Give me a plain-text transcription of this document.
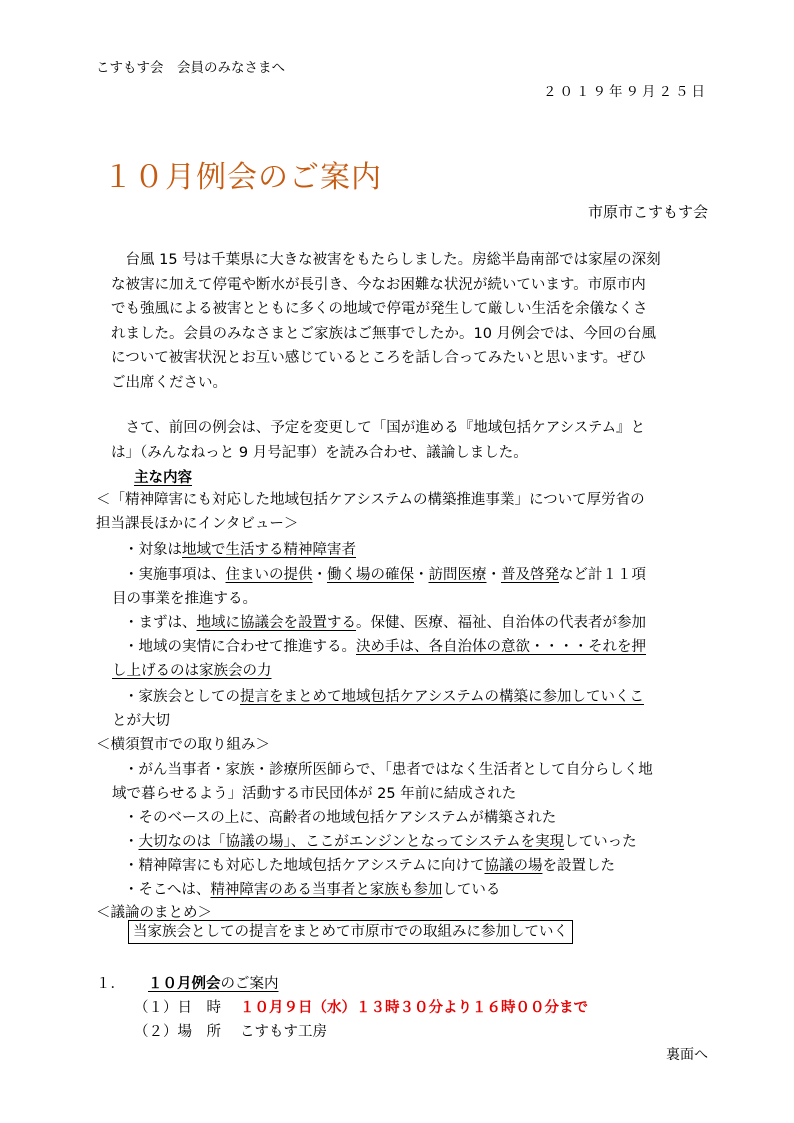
こすもす会　会員のみなさまへ
２０１９年９月２５日
１０月例会のご案内
市原市こすもす会

台風 15 号は千葉県に大きな被害をもたらしました。房総半島南部では家屋の深刻

な被害に加えて停電や断水が長引き、今なお困難な状況が続いています。市原市内

でも強風による被害とともに多くの地域で停電が発生して厳しい生活を余儀なくさ

れました。会員のみなさまとご家族はご無事でしたか。10 月例会では、今回の台風

について被害状況とお互い感じているところを話し合ってみたいと思います。ぜひ

ご出席ください。

さて、前回の例会は、予定を変更して「国が進める『地域包括ケアシステム』と

は」（みんなねっと 9 月号記事）を読み合わせ、議論しました。

主な内容
＜「精神障害にも対応した地域包括ケアシステムの構築推進事業」について厚労省の
担当課長ほかにインタビュー＞
・対象は地域で生活する精神障害者
・実施事項は、住まいの提供・働く場の確保・訪問医療・普及啓発など計１１項
目の事業を推進する。
・まずは、地域に協議会を設置する。保健、医療、福祉、自治体の代表者が参加
・地域の実情に合わせて推進する。決め手は、各自治体の意欲・・・・それを押
し上げるのは家族会の力
・家族会としての提言をまとめて地域包括ケアシステムの構築に参加していくこ
とが大切
＜横須賀市での取り組み＞
・がん当事者・家族・診療所医師らで、「患者ではなく生活者として自分らしく地
域で暮らせるよう」活動する市民団体が 25 年前に結成された
・そのベースの上に、高齢者の地域包括ケアシステムが構築された
・大切なのは「協議の場」、ここがエンジンとなってシステムを実現していった
・精神障害にも対応した地域包括ケアシステムに向けて協議の場を設置した
・そこへは、精神障害のある当事者と家族も参加している
＜議論のまとめ＞
当家族会としての提言をまとめて市原市での取組みに参加していく
１． １０月例会のご案内
（１）日　時 １０月９日（水）１３時３０分より１６時００分まで
（２）場　所 こすもす工房
裏面へ
